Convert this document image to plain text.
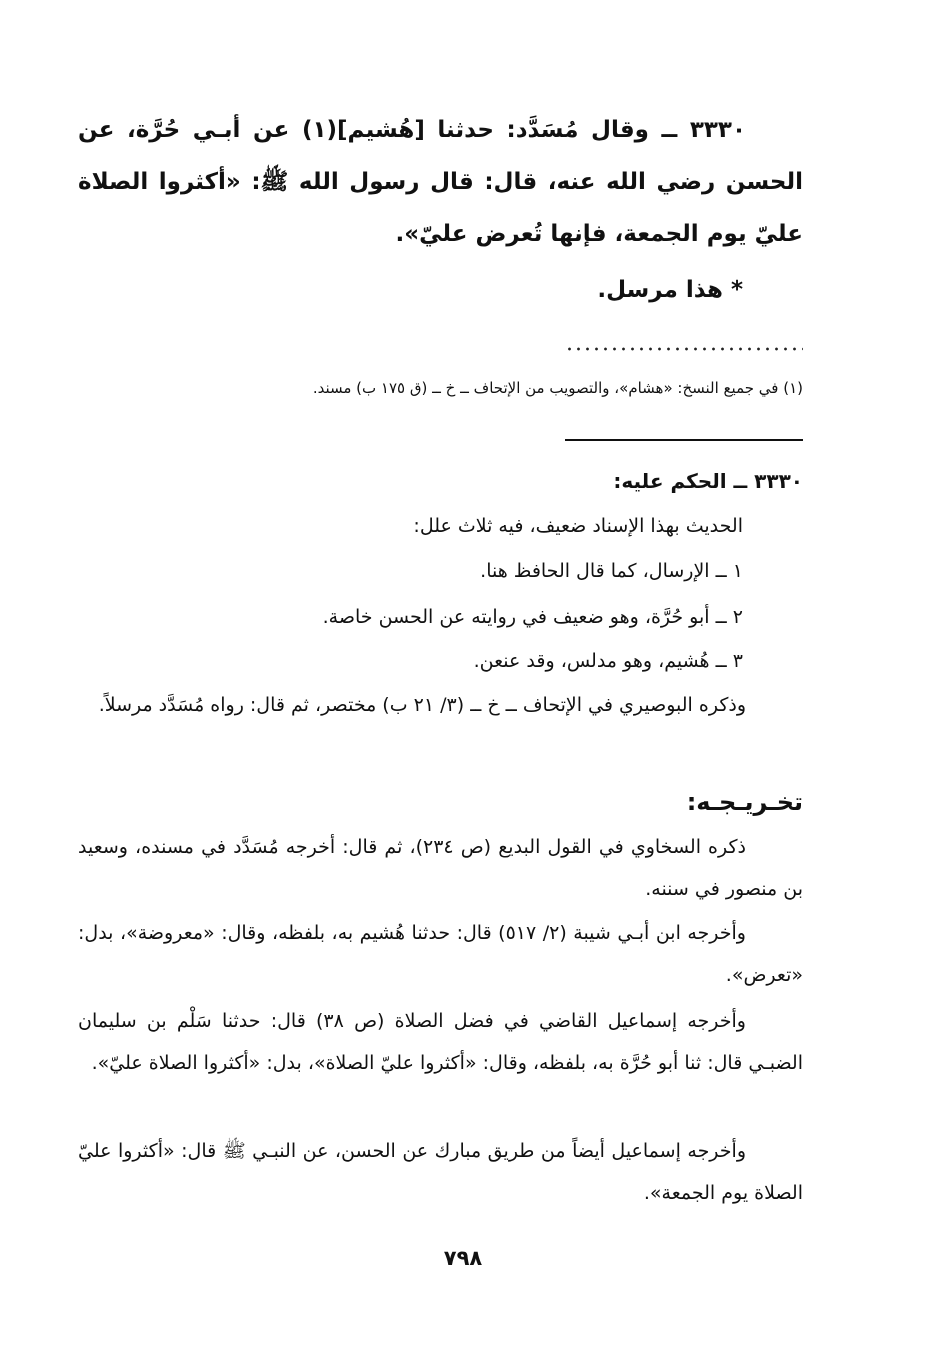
٣٣٣٠ ــ وقال مُسَدَّد: حدثنا [هُشيم](١) عن أبـي حُرَّة، عن الحسن رضي الله عنه، قال: قال رسول الله ﷺ: «أكثروا الصلاة عليّ يوم الجمعة، فإنها تُعرض عليّ».
* هذا مرسل.
(١) في جميع النسخ: «هشام»، والتصويب من الإتحاف ــ خ ــ (ق ١٧٥ ب) مسند.
٣٣٣٠ ــ الحكم عليه:
الحديث بهذا الإسناد ضعيف، فيه ثلاث علل:
١ ــ الإرسال، كما قال الحافظ هنا.
٢ ــ أبو حُرَّة، وهو ضعيف في روايته عن الحسن خاصة.
٣ ــ هُشيم، وهو مدلس، وقد عنعن.
وذكره البوصيري في الإتحاف ــ خ ــ (٣/ ٢١ ب) مختصر، ثم قال: رواه مُسَدَّد مرسلاً.
تخـريـجـه:
ذكره السخاوي في القول البديع (ص ٢٣٤)، ثم قال: أخرجه مُسَدَّد في مسنده، وسعيد بن منصور في سننه.
وأخرجه ابن أبـي شيبة (٢/ ٥١٧) قال: حدثنا هُشيم به، بلفظه، وقال: «معروضة»، بدل: «تعرض».
وأخرجه إسماعيل القاضي في فضل الصلاة (ص ٣٨) قال: حدثنا سَلْم بن سليمان الضبـي قال: ثنا أبو حُرَّة به، بلفظه، وقال: «أكثروا عليّ الصلاة»، بدل: «أكثروا الصلاة عليّ».
وأخرجه إسماعيل أيضاً من طريق مبارك عن الحسن، عن النبـي ﷺ قال: «أكثروا عليّ الصلاة يوم الجمعة».
٧٩٨
